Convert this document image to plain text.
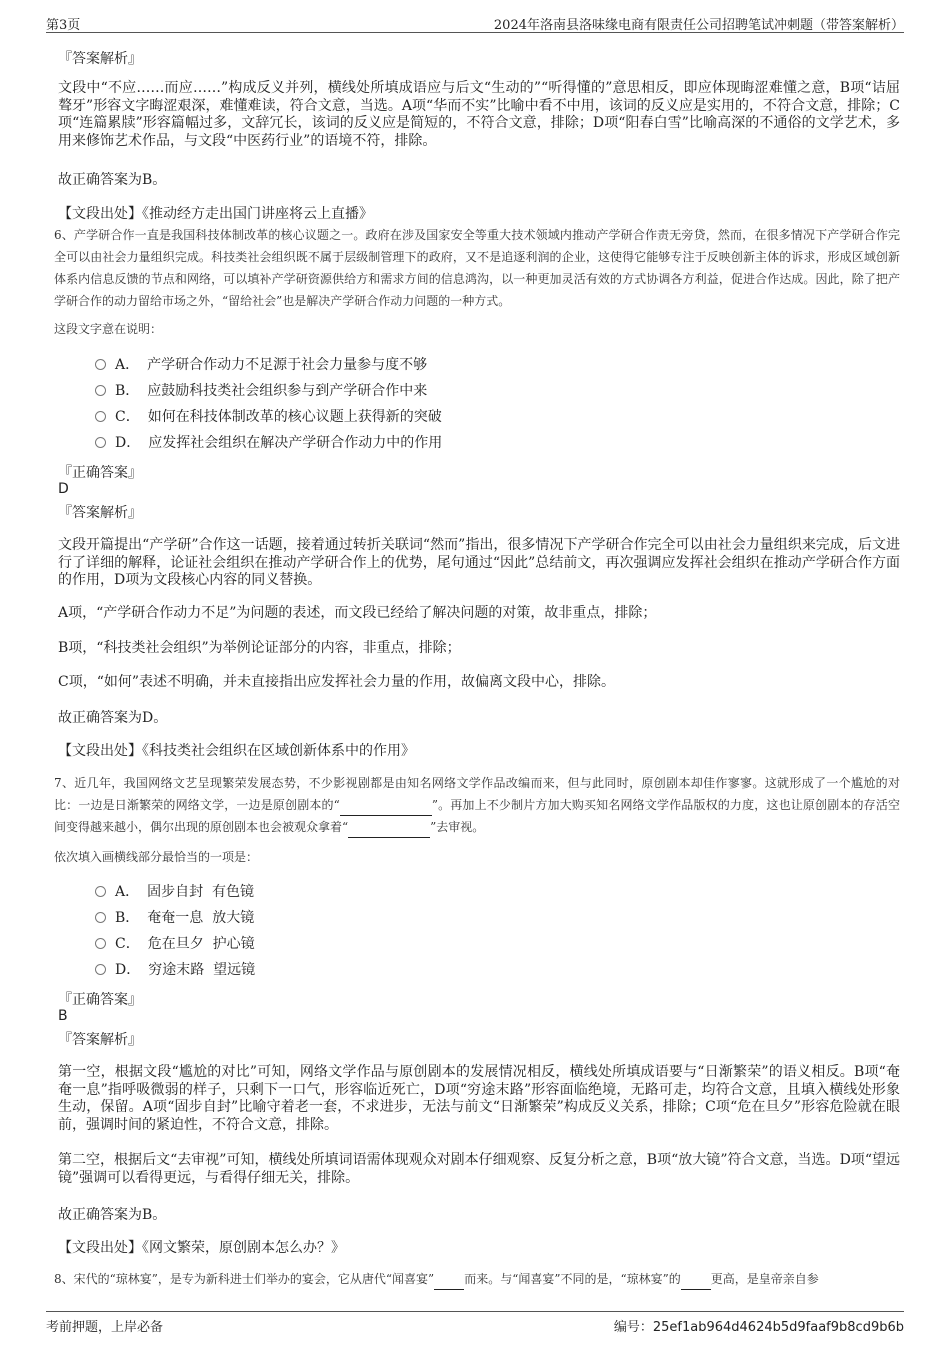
第3页	2024年洛南县洛味缘电商有限责任公司招聘笔试冲刺题（带答案解析）
『答案解析』
文段中“不应……而应……”构成反义并列，横线处所填成语应与后文“生动的”“听得懂的”意思相反，即应体现晦涩难懂之意，B项“诘屈聱牙”形容文字晦涩艰深，难懂难读，符合文意，当选。A项“华而不实”比喻中看不中用，该词的反义应是实用的，不符合文意，排除；C项“连篇累牍”形容篇幅过多，文辞冗长，该词的反义应是简短的，不符合文意，排除；D项“阳春白雪”比喻高深的不通俗的文学艺术，多用来修饰艺术作品，与文段“中医药行业”的语境不符，排除。
故正确答案为B。
【文段出处】《推动经方走出国门讲座将云上直播》
6、产学研合作一直是我国科技体制改革的核心议题之一。政府在涉及国家安全等重大技术领域内推动产学研合作责无旁贷，然而，在很多情况下产学研合作完全可以由社会力量组织完成。科技类社会组织既不属于层级制管理下的政府，又不是追逐利润的企业，这使得它能够专注于反映创新主体的诉求，形成区域创新体系内信息反馈的节点和网络，可以填补产学研资源供给方和需求方间的信息鸿沟，以一种更加灵活有效的方式协调各方利益，促进合作达成。因此，除了把产学研合作的动力留给市场之外，“留给社会”也是解决产学研合作动力问题的一种方式。
这段文字意在说明：
A． 产学研合作动力不足源于社会力量参与度不够
B． 应鼓励科技类社会组织参与到产学研合作中来
C． 如何在科技体制改革的核心议题上获得新的突破
D． 应发挥社会组织在解决产学研合作动力中的作用
『正确答案』
D
『答案解析』
文段开篇提出“产学研”合作这一话题，接着通过转折关联词“然而”指出，很多情况下产学研合作完全可以由社会力量组织来完成，后文进行了详细的解释，论证社会组织在推动产学研合作上的优势，尾句通过“因此”总结前文，再次强调应发挥社会组织在推动产学研合作方面的作用，D项为文段核心内容的同义替换。
A项，“产学研合作动力不足”为问题的表述，而文段已经给了解决问题的对策，故非重点，排除；
B项，“科技类社会组织”为举例论证部分的内容，非重点，排除；
C项，“如何”表述不明确，并未直接指出应发挥社会力量的作用，故偏离文段中心，排除。
故正确答案为D。
【文段出处】《科技类社会组织在区域创新体系中的作用》
7、近几年，我国网络文艺呈现繁荣发展态势，不少影视剧都是由知名网络文学作品改编而来，但与此同时，原创剧本却佳作寥寥。这就形成了一个尴尬的对比：一边是日渐繁荣的网络文学，一边是原创剧本的“	”。再加上不少制片方加大购买知名网络文学作品版权的力度，这也让原创剧本的存活空间变得越来越小，偶尔出现的原创剧本也会被观众拿着“	”去审视。
依次填入画横线部分最恰当的一项是：
A． 固步自封  有色镜
B． 奄奄一息  放大镜
C． 危在旦夕  护心镜
D． 穷途末路  望远镜
『正确答案』
B
『答案解析』
第一空，根据文段“尴尬的对比”可知，网络文学作品与原创剧本的发展情况相反，横线处所填成语要与“日渐繁荣”的语义相反。B项“奄奄一息”指呼吸微弱的样子，只剩下一口气，形容临近死亡，D项“穷途末路”形容面临绝境，无路可走，均符合文意，且填入横线处形象生动，保留。A项“固步自封”比喻守着老一套，不求进步，无法与前文“日渐繁荣”构成反义关系，排除；C项“危在旦夕”形容危险就在眼前，强调时间的紧迫性，不符合文意，排除。
第二空，根据后文“去审视”可知，横线处所填词语需体现观众对剧本仔细观察、反复分析之意，B项“放大镜”符合文意，当选。D项“望远镜”强调可以看得更远，与看得仔细无关，排除。
故正确答案为B。
【文段出处】《网文繁荣，原创剧本怎么办？》
8、宋代的“琼林宴”，是专为新科进士们举办的宴会，它从唐代“闻喜宴”	而来。与“闻喜宴”不同的是，“琼林宴”的	更高，是皇帝亲自参
考前押题，上岸必备	编号：25ef1ab964d4624b5d9faaf9b8cd9b6b
